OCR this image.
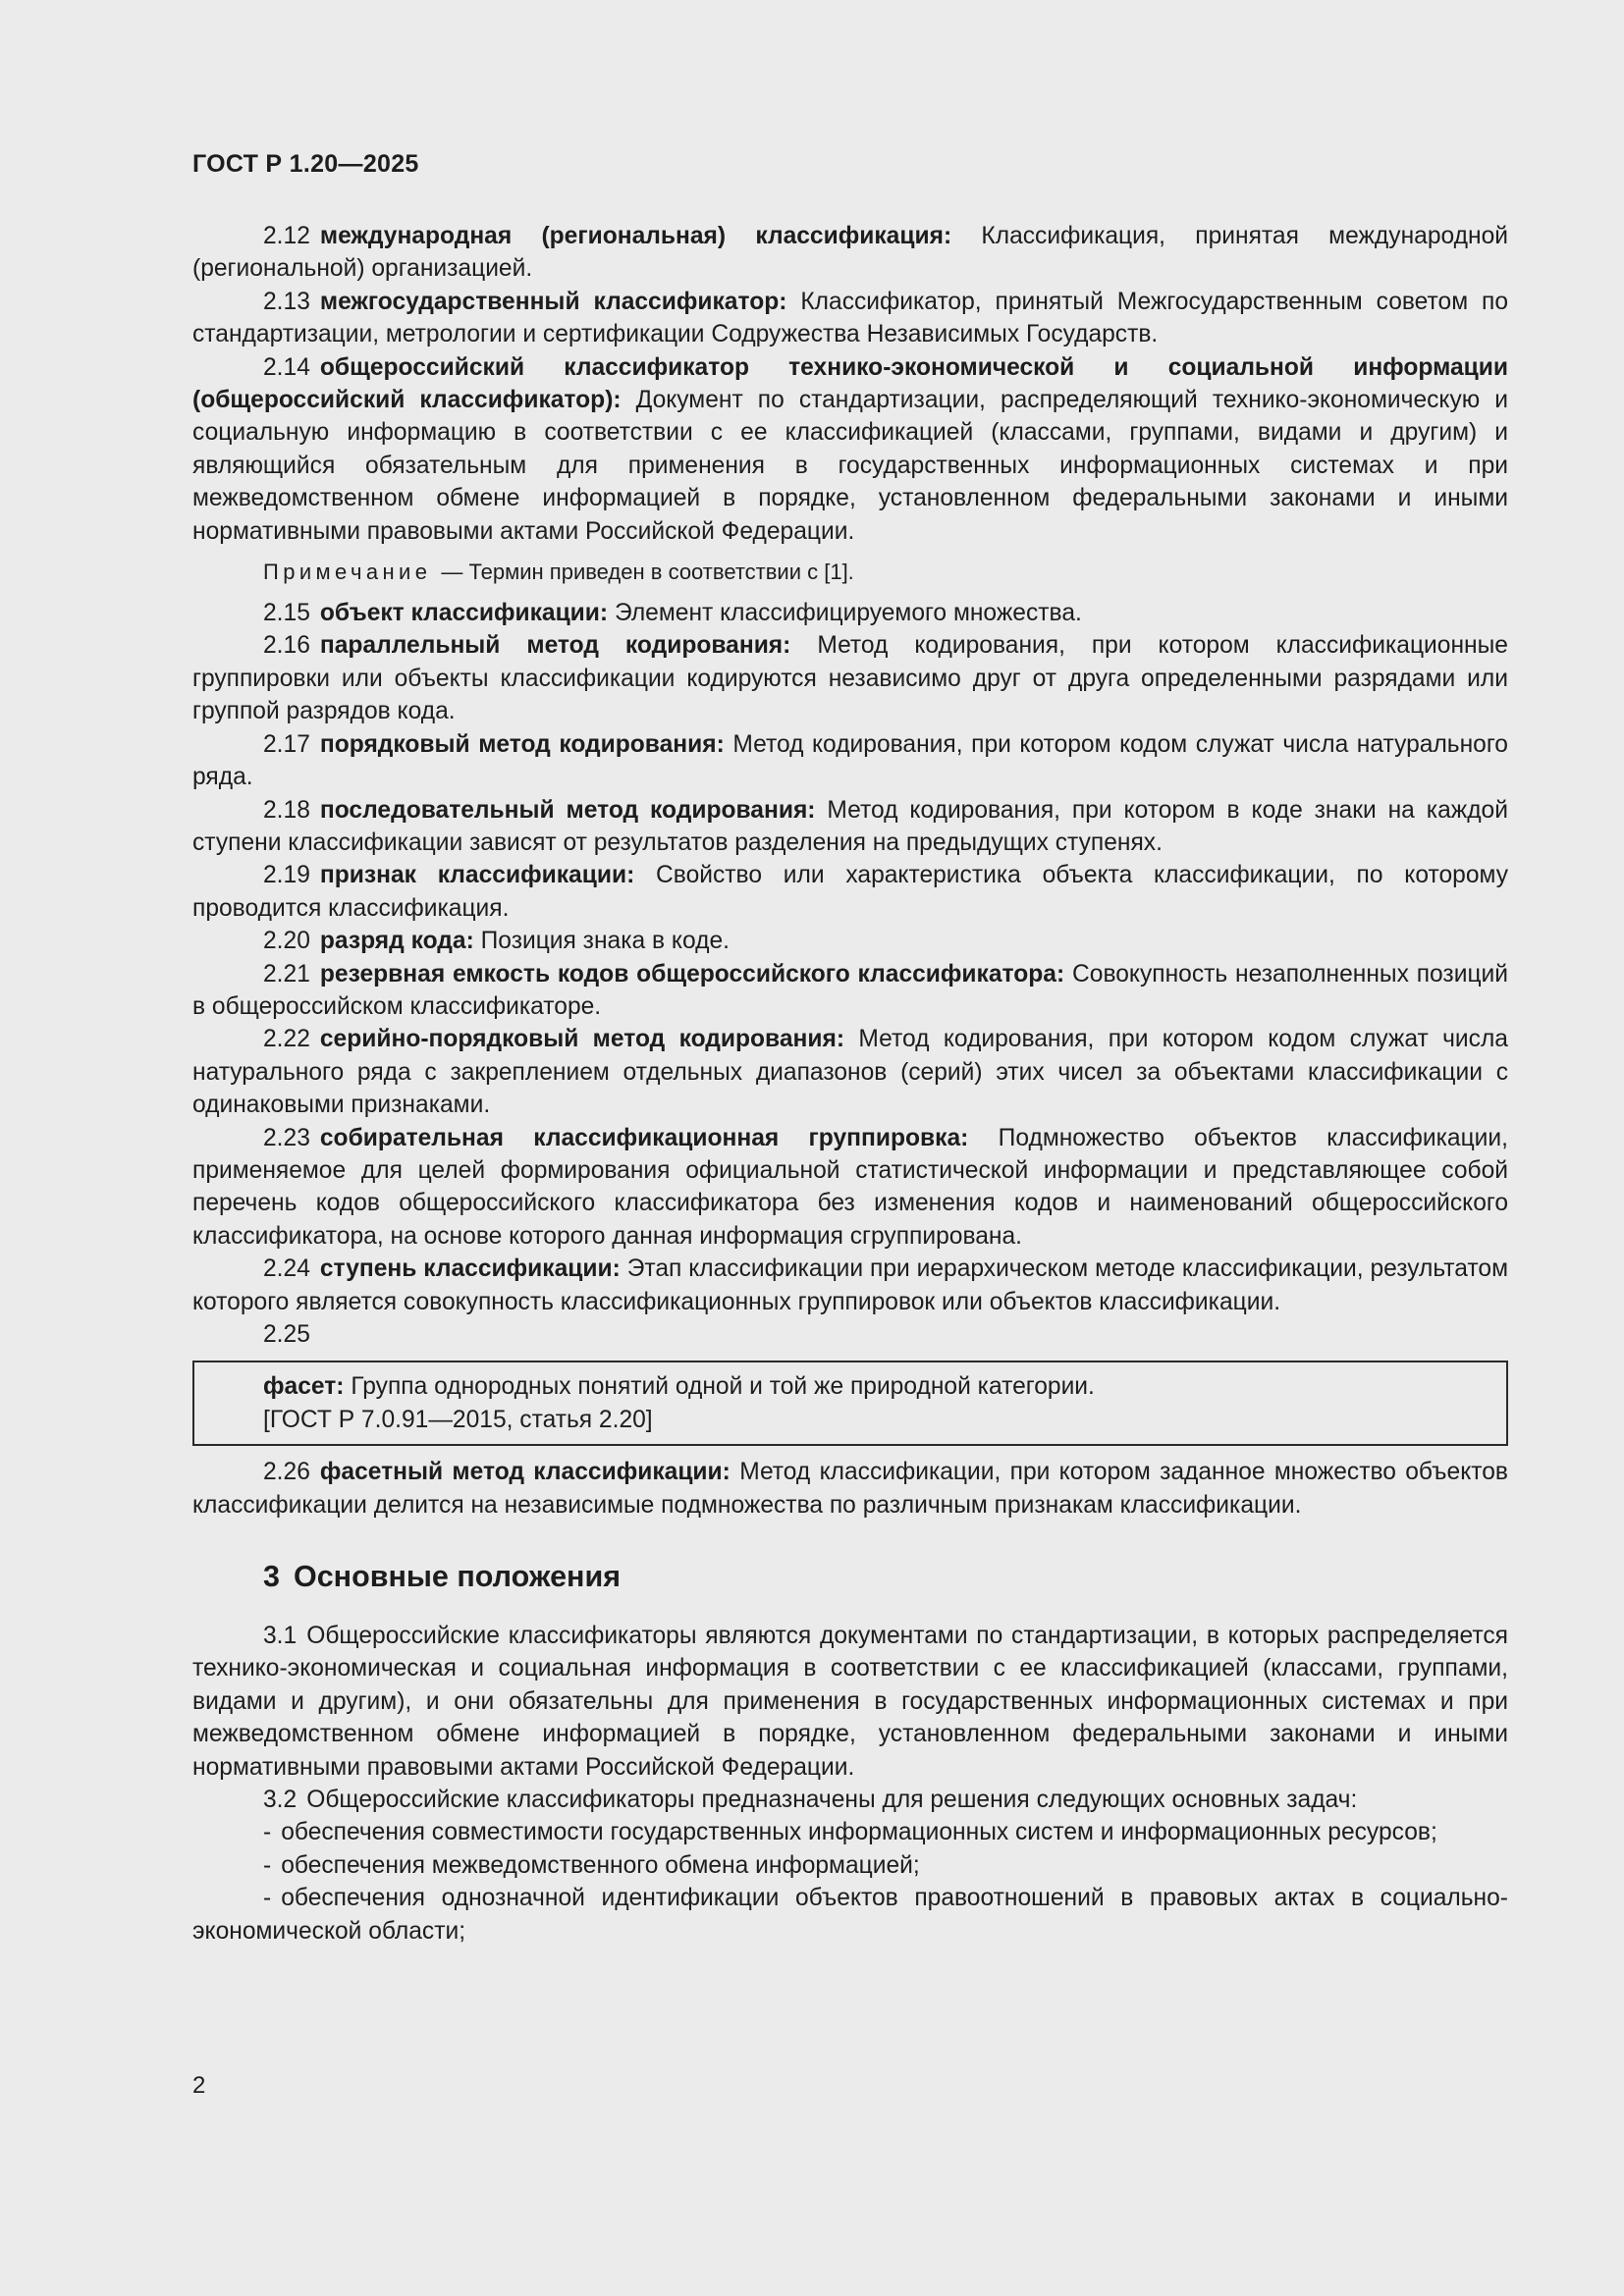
ГОСТ Р 1.20—2025

2.12 международная (региональная) классификация: Классификация, принятая международной (региональной) организацией.

2.13 межгосударственный классификатор: Классификатор, принятый Межгосударственным советом по стандартизации, метрологии и сертификации Содружества Независимых Государств.

2.14 общероссийский классификатор технико-экономической и социальной информации (общероссийский классификатор): Документ по стандартизации, распределяющий технико-экономическую и социальную информацию в соответствии с ее классификацией (классами, группами, видами и другим) и являющийся обязательным для применения в государственных информационных системах и при межведомственном обмене информацией в порядке, установленном федеральными законами и иными нормативными правовыми актами Российской Федерации.

Примечание — Термин приведен в соответствии с [1].

2.15 объект классификации: Элемент классифицируемого множества.

2.16 параллельный метод кодирования: Метод кодирования, при котором классификационные группировки или объекты классификации кодируются независимо друг от друга определенными разрядами или группой разрядов кода.

2.17 порядковый метод кодирования: Метод кодирования, при котором кодом служат числа натурального ряда.

2.18 последовательный метод кодирования: Метод кодирования, при котором в коде знаки на каждой ступени классификации зависят от результатов разделения на предыдущих ступенях.

2.19 признак классификации: Свойство или характеристика объекта классификации, по которому проводится классификация.

2.20 разряд кода: Позиция знака в коде.

2.21 резервная емкость кодов общероссийского классификатора: Совокупность незаполненных позиций в общероссийском классификаторе.

2.22 серийно-порядковый метод кодирования: Метод кодирования, при котором кодом служат числа натурального ряда с закреплением отдельных диапазонов (серий) этих чисел за объектами классификации с одинаковыми признаками.

2.23 собирательная классификационная группировка: Подмножество объектов классификации, применяемое для целей формирования официальной статистической информации и представляющее собой перечень кодов общероссийского классификатора без изменения кодов и наименований общероссийского классификатора, на основе которого данная информация сгруппирована.

2.24 ступень классификации: Этап классификации при иерархическом методе классификации, результатом которого является совокупность классификационных группировок или объектов классификации.

2.25

фасет: Группа однородных понятий одной и той же природной категории.
[ГОСТ Р 7.0.91—2015, статья 2.20]

2.26 фасетный метод классификации: Метод классификации, при котором заданное множество объектов классификации делится на независимые подмножества по различным признакам классификации.

3 Основные положения

3.1 Общероссийские классификаторы являются документами по стандартизации, в которых распределяется технико-экономическая и социальная информация в соответствии с ее классификацией (классами, группами, видами и другим), и они обязательны для применения в государственных информационных системах и при межведомственном обмене информацией в порядке, установленном федеральными законами и иными нормативными правовыми актами Российской Федерации.

3.2 Общероссийские классификаторы предназначены для решения следующих основных задач:

- обеспечения совместимости государственных информационных систем и информационных ресурсов;

- обеспечения межведомственного обмена информацией;

- обеспечения однозначной идентификации объектов правоотношений в правовых актах в социально-экономической области;

2
